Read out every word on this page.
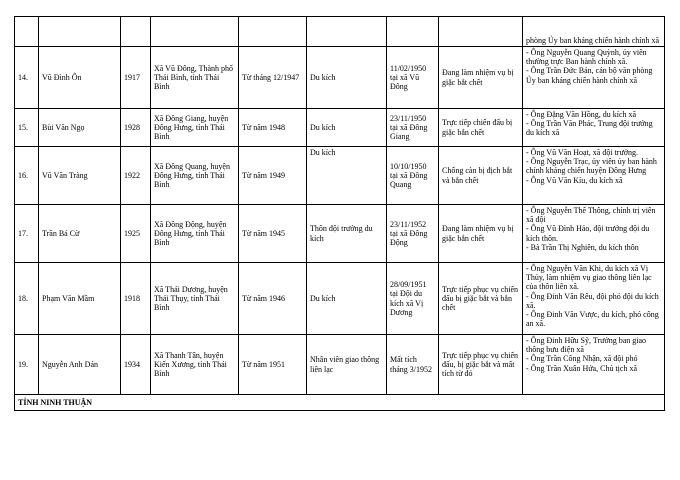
								phòng Ủy ban kháng chiến hành chính xã

14.	Vũ Đình Ôn	1917	Xã Vũ Đông, Thành phố Thái Bình, tỉnh Thái Bình	Từ tháng 12/1947	Du kích	11/02/1950 tại xã Vũ Đông	Đang làm nhiệm vụ bị giặc bắt chết	- Ông Nguyễn Quang Quỳnh, ủy viên thường trực Ban hành chính xã.
- Ông Trần Đức Bản, cán bộ văn phòng Ủy ban kháng chiến hành chính xã

15.	Bùi Văn Ngọ	1928	Xã Đông Giang, huyện Đông Hưng, tỉnh Thái Bình	Từ năm 1948	Du kích	23/11/1950 tại xã Đông Giang	Trực tiếp chiến đấu bị giặc bắn chết	- Ông Đặng Văn Hồng, du kích xã
- Ông Trần Văn Phác, Trung đội trưởng du kích xã

16.	Vũ Văn Tràng	1922	Xã Đông Quang, huyện Đông Hưng, tỉnh Thái Bình	Từ năm 1949	Du kích	10/10/1950 tại xã Đông Quang	Chống càn bị địch bắt và bắn chết	- Ông Vũ Văn Hoạt, xã đội trưởng.
- Ông Nguyễn Trạc, ủy viên ủy ban hành chính kháng chiến huyện Đông Hưng
- Ông Vũ Văn Kíu, du kích xã

17.	Trần Bá Cừ	1925	Xã Đông Động, huyện Đông Hưng, tỉnh Thái Bình	Từ năm 1945	Thôn đội trưởng du kích	23/11/1952 tại xã Đông Động	Đang làm nhiệm vụ bị giặc bắn chết	- Ông Nguyễn Thế Thông, chính trị viên xã đội
- Ông Vũ Đình Hảo, đội trưởng đội du kích thôn.
- Bà Trần Thị Nghiên, du kích thôn

18.	Phạm Văn Mầm	1918	Xã Thái Dương, huyện Thái Thụy, tỉnh Thái Bình	Từ năm 1946	Du kích	28/09/1951 tại Đội du kích xã Vị Dương	Trực tiếp phục vụ chiến đấu bị giặc bắt và bắn chết	- Ông Nguyễn Văn Khi, du kích xã Vị Thủy, làm nhiệm vụ giao thông liên lạc của thôn liên xã.
- Ông Đinh Văn Rêu, đội phó đội du kích xã.
- Ông Đinh Văn Vược, du kích, phó công an xã.

19.	Nguyễn Anh Dán	1934	Xã Thanh Tân, huyện Kiến Xương, tỉnh Thái Bình	Từ năm 1951	Nhân viên giao thông liên lạc	Mất tích tháng 3/1952	Trực tiếp phục vụ chiến đấu, bị giặc bắt và mất tích từ đó	- Ông Đinh Hữu Sỹ, Trưởng ban giao thông bưu điện xã
- Ông Trần Công Nhận, xã đội phó
- Ông Trần Xuân Hứa, Chủ tịch xã

TỈNH NINH THUẬN								
